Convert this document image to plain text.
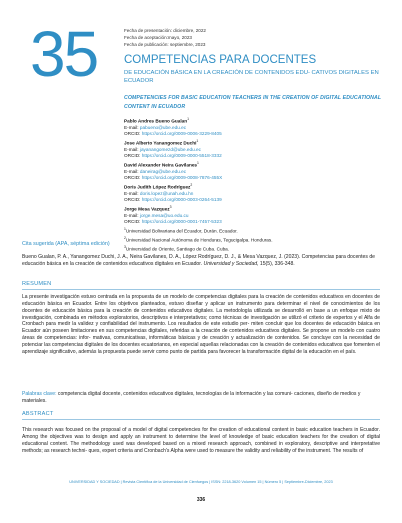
35	Fecha de presentación: diciembre, 2022
Fecha de aceptación:mayo, 2023
Fecha de publicación: septiembre, 2023
COMPETENCIAS PARA DOCENTES
DE EDUCACIÓN BÁSICA EN LA CREACIÓN DE CONTENIDOS EDU- CATIVOS DIGITALES EN ECUADOR
COMPETENCIES FOR BASIC EDUCATION TEACHERS IN THE CREATION OF DIGITAL EDUCATIONAL CONTENT IN ECUADOR
Pablo Andres Bueno Gualan$^1$
E-mail: pabueno@ube.edu.ec
ORCID: https://orcid.org/0009-0006-3229-8405
Jose Alberto Yanangomez Duchi$^1$
E-mail: jayanangomezd@ube.edu.ec
ORCID: https://orcid.org/0009-0000-5518-3332
David Alexander Neira Gavilanes$^1$
E-mail: daneirag@ube.edu.ec
ORCID: https://orcid.org/0009-0008-7876-455X
Doris Judith López Rodríguez$^2$
E-mail: doris.lopez@unah.edu.hn
ORCID: https://orcid.org/0000-0003-0264-5139
Jorge Mesa Vazquez$^3$
E-mail: jorge.mesa@uo.edu.cu
ORCID: https://orcid.org/0000-0001-7457-5323
$^1$Universidad Bolivariana del Ecuador, Durán. Ecuador.
$^2$Universidad Nacional Autónoma de Honduras, Tegucigalpa. Honduras.
$^3$Universidad de Oriente, Santiago de Cuba. Cuba.
Cita sugerida (APA, séptima edición)
Bueno Gualan, P. A., Yanangomez Duchi, J. A., Neira Gavilanes, D. A., López Rodríguez, D. J., & Mesa Vazquez, J. (2023). Competencias para docentes de educación básica en la creación de contenidos educativos digitales en Ecuador. Universidad y Sociedad, 15(5), 336-348.
RESUMEN
La presente investigación estuvo centrada en la propuesta de un modelo de competencias digitales para la creación de contenidos educativos en docentes de educación básica en Ecuador. Entre los objetivos planteados, estuvo diseñar y aplicar un instrumento para determinar el nivel de conocimientos de los docentes de educación básica para la creación de contenidos educativos digitales. La metodología utilizada se desarrolló en base a un enfoque mixto de investigación, combinada en métodos exploratorios, descriptivos e interpretativos; como técnicas de investigación se utilizó el criterio de expertos y el Alfa de Cronbach para medir la validez y confiabilidad del instrumento. Los resultados de este estudio per- miten concluir que los docentes de educación básica en Ecuador aún poseen limitaciones en sus competencias digitales, referidas a la creación de contenidos educativos digitales. Se propone un modelo con cuatro áreas de competencias: infor- mativas, comunicativas, informáticas básicas y de creación y actualización de contenidos. Se concluye con la necesidad de potenciar las competencias digitales de los docentes ecuatorianos, en especial aquellas relacionadas con la creación de contenidos educativos que fomenten el aprendizaje significativo, además la propuesta puede servir como punto de partida para favorecer la transformación digital de la educación en el país.
Palabras clave: competencia digital docente, contenidos educativos digitales, tecnologías de la información y las comuni- caciones, diseño de medios y materiales.
ABSTRACT
This research was focused on the proposal of a model of digital competencies for the creation of educational content in basic education teachers in Ecuador. Among the objectives was to design and apply an instrument to determine the level of knowledge of basic education teachers for the creation of digital educational content. The methodology used was developed based on a mixed research approach, combined in exploratory, descriptive and interpretative methods; as research techni- ques, expert criteria and Cronbach's Alpha were used to measure the validity and reliability of the instrument. The results of
UNIVERSIDAD Y SOCIEDAD | Revista Científica de la Universidad de Cienfuegos | ISSN: 2218-3620 Volumen 15 | Número 5 | Septiembre-Diciembre, 2023
336
